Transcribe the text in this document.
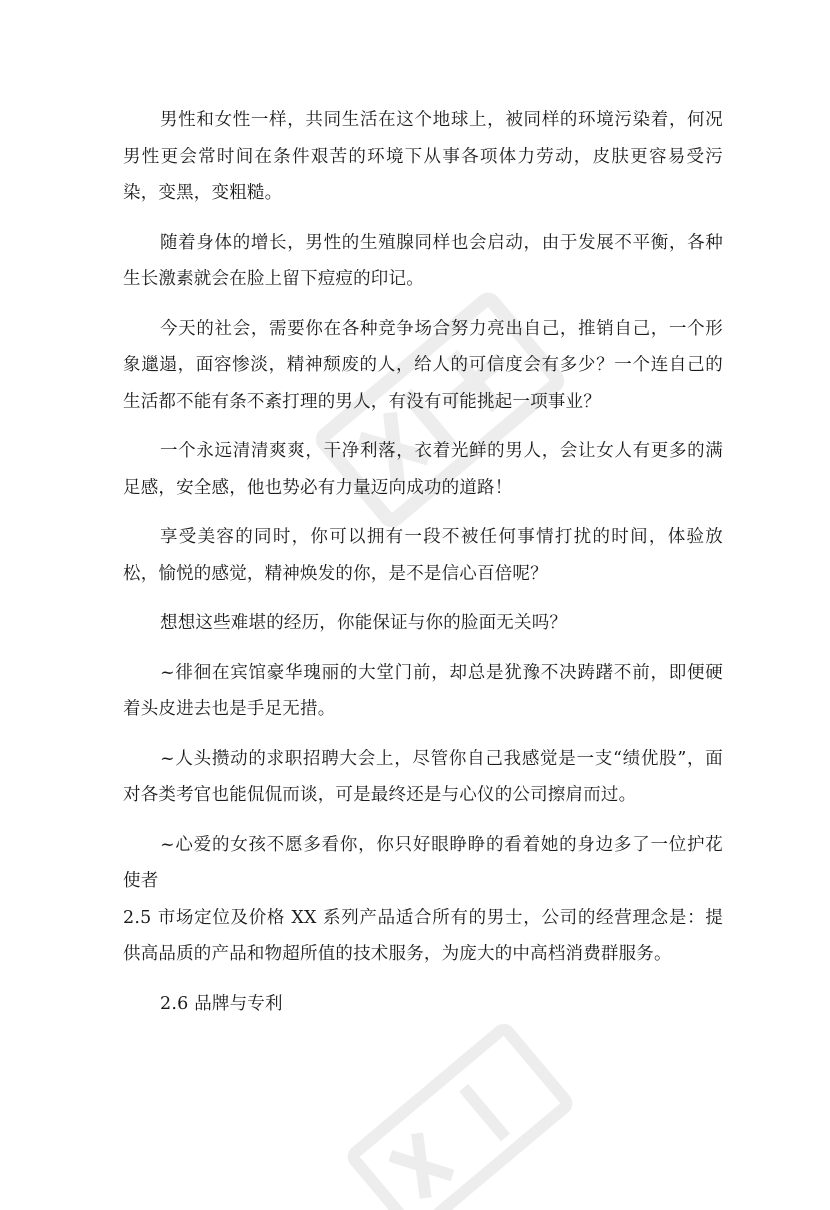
男性和女性一样，共同生活在这个地球上，被同样的环境污染着，何况男性更会常时间在条件艰苦的环境下从事各项体力劳动，皮肤更容易受污染，变黑，变粗糙。

随着身体的增长，男性的生殖腺同样也会启动，由于发展不平衡，各种生长激素就会在脸上留下痘痘的印记。

今天的社会，需要你在各种竞争场合努力亮出自己，推销自己，一个形象邋遢，面容惨淡，精神颓废的人，给人的可信度会有多少？一个连自己的生活都不能有条不紊打理的男人，有没有可能挑起一项事业？

一个永远清清爽爽，干净利落，衣着光鲜的男人，会让女人有更多的满足感，安全感，他也势必有力量迈向成功的道路！

享受美容的同时，你可以拥有一段不被任何事情打扰的时间，体验放松，愉悦的感觉，精神焕发的你，是不是信心百倍呢？

想想这些难堪的经历，你能保证与你的脸面无关吗？

~徘徊在宾馆豪华瑰丽的大堂门前，却总是犹豫不决踌躇不前，即便硬着头皮进去也是手足无措。

~人头攒动的求职招聘大会上，尽管你自己我感觉是一支“绩优股”，面对各类考官也能侃侃而谈，可是最终还是与心仪的公司擦肩而过。

~心爱的女孩不愿多看你，你只好眼睁睁的看着她的身边多了一位护花使者

2.5 市场定位及价格 XX 系列产品适合所有的男士，公司的经营理念是：提供高品质的产品和物超所值的技术服务，为庞大的中高档消费群服务。

2.6 品牌与专利
